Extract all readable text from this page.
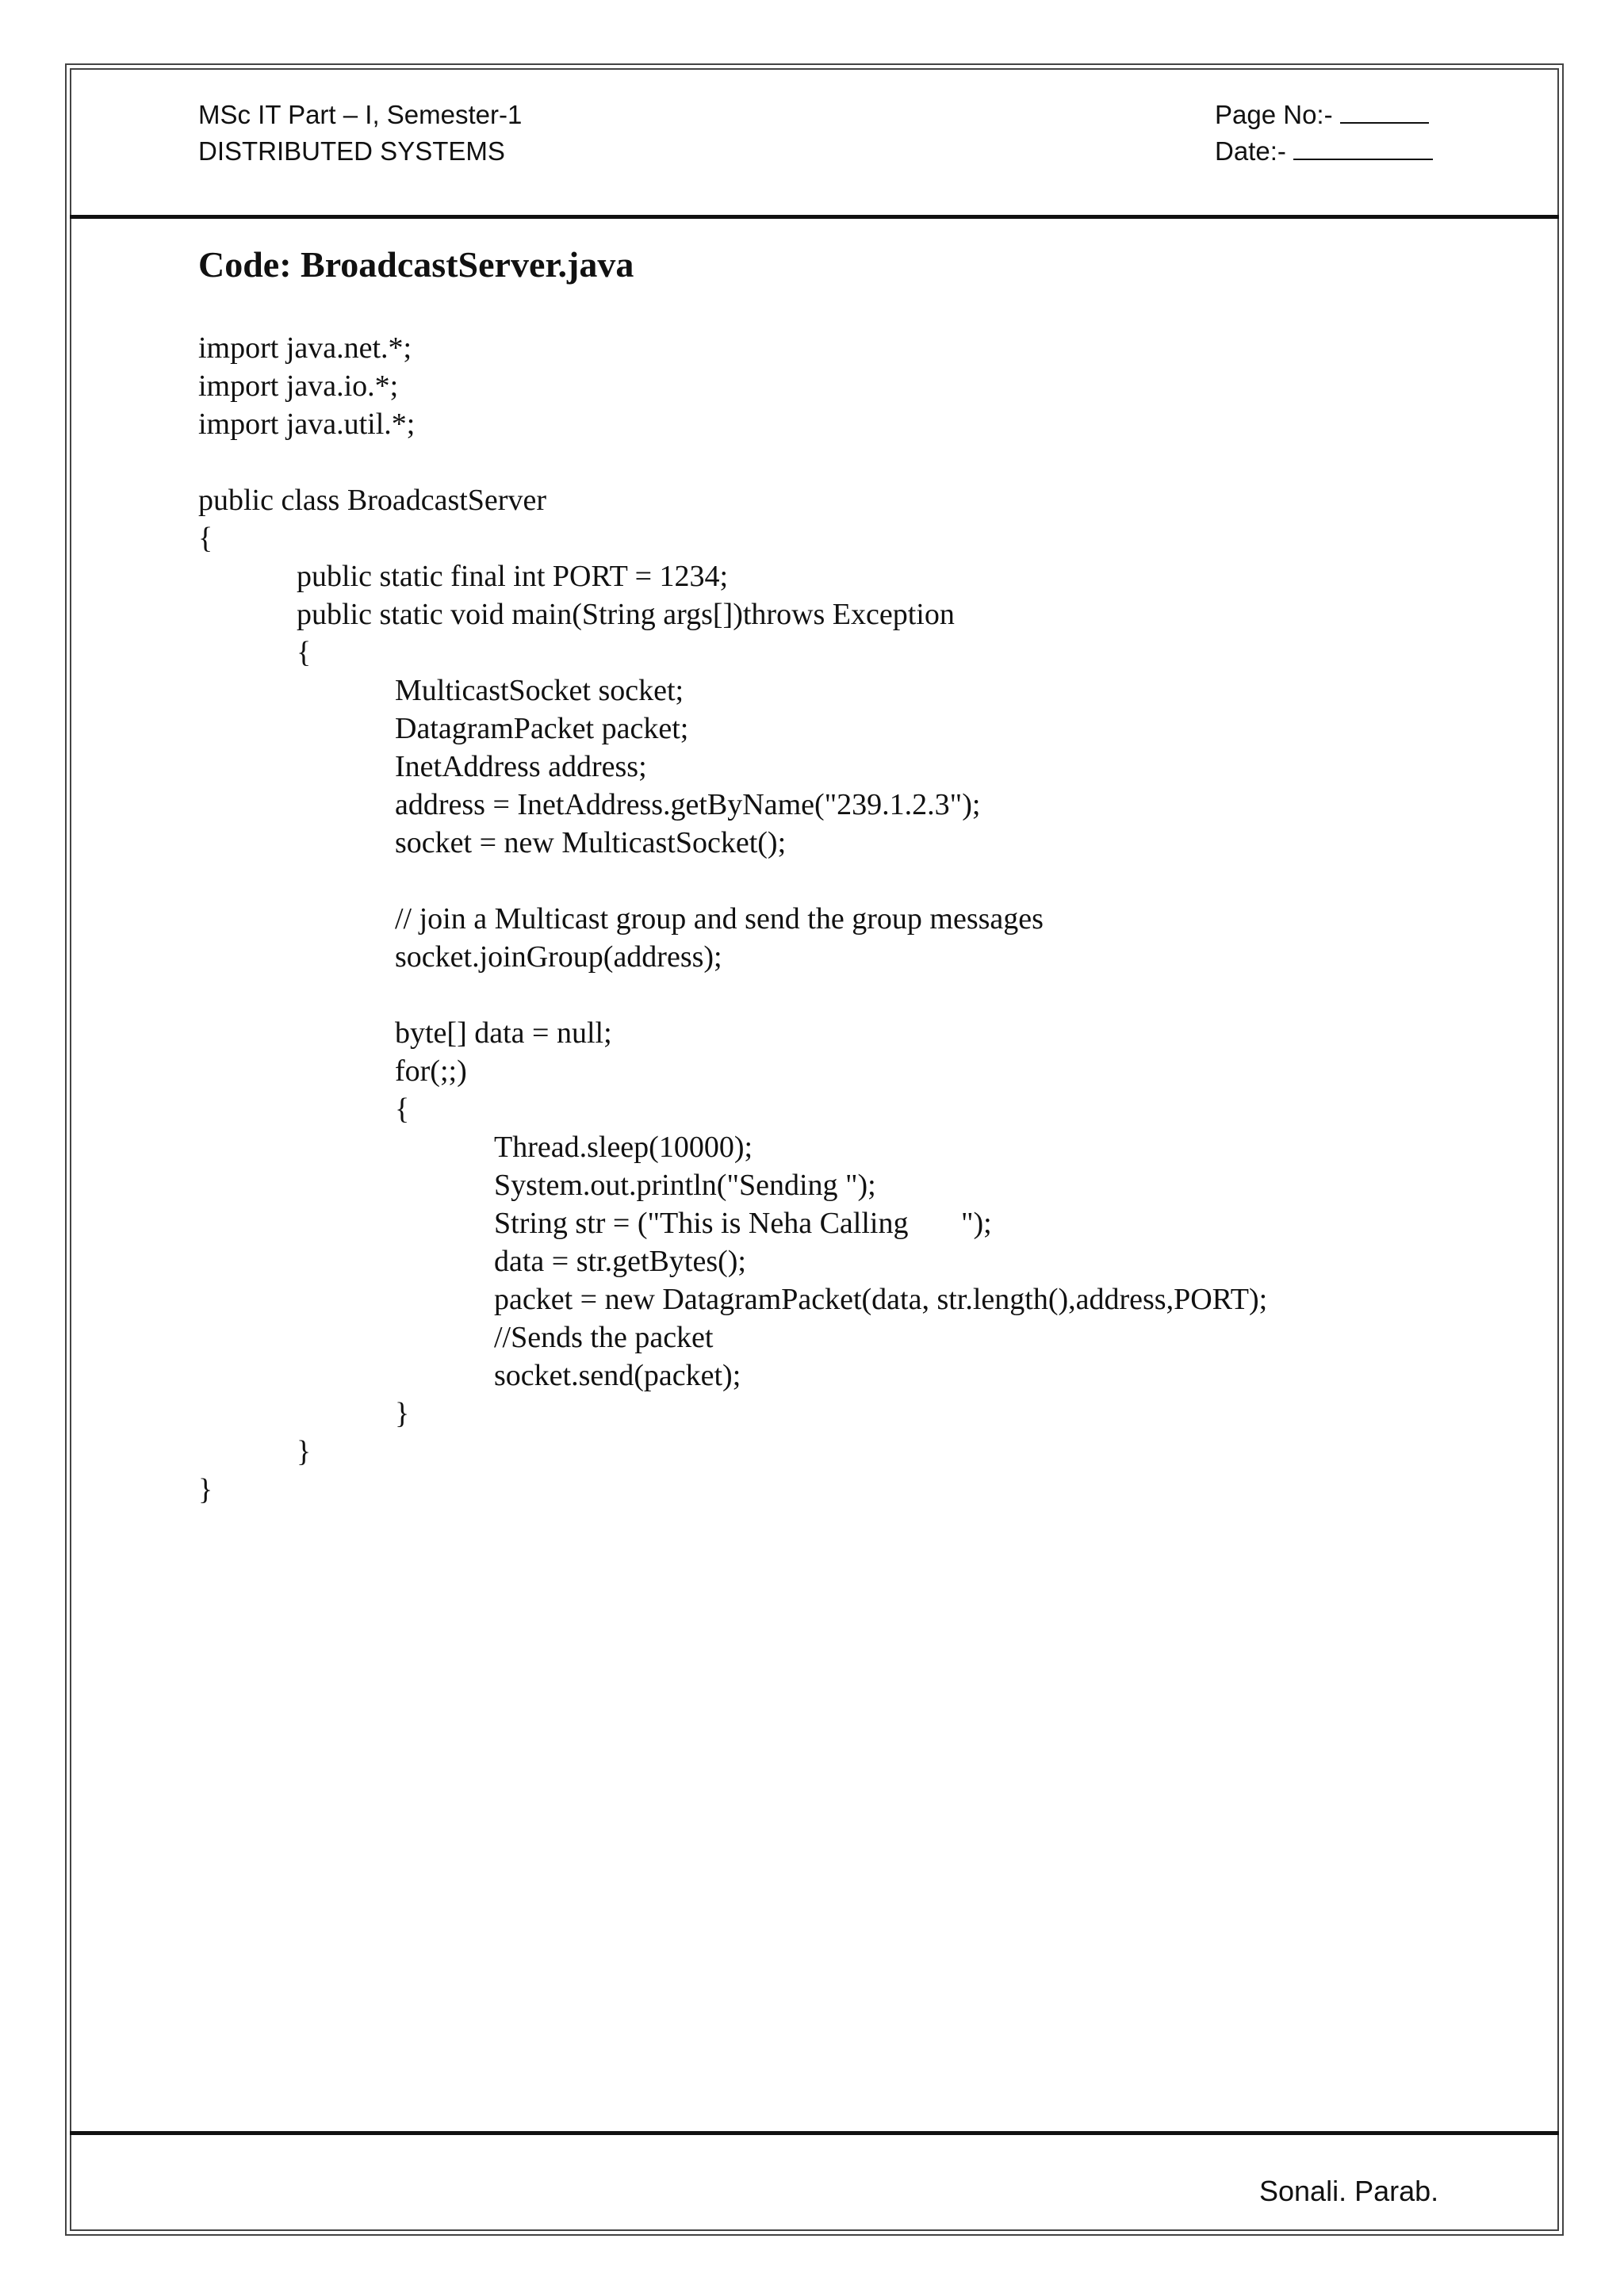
MSc IT Part – I, Semester-1
DISTRIBUTED SYSTEMS
Page No:-
Date:-
Code: BroadcastServer.java
import java.net.*;
import java.io.*;
import java.util.*;
public class BroadcastServer
{
public static final int PORT = 1234;
public static void main(String args[])throws Exception
{
MulticastSocket socket;
DatagramPacket packet;
InetAddress address;
address = InetAddress.getByName("239.1.2.3");
socket = new MulticastSocket();
// join a Multicast group and send the group messages
socket.joinGroup(address);
byte[] data = null;
for(;;)
{
Thread.sleep(10000);
System.out.println("Sending ");
String str = ("This is Neha Calling       ");
data = str.getBytes();
packet = new DatagramPacket(data, str.length(),address,PORT);
//Sends the packet
socket.send(packet);
}
}
}
Sonali. Parab.
